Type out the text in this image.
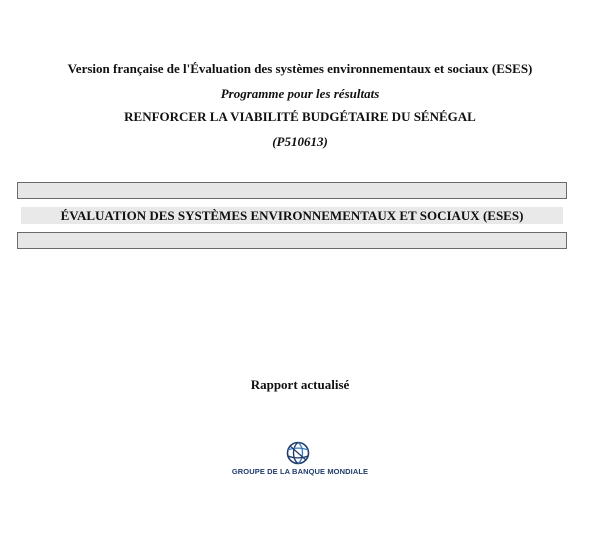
Version française de l'Évaluation des systèmes environnementaux et sociaux (ESES)
Programme pour les résultats
RENFORCER LA VIABILITÉ BUDGÉTAIRE DU SÉNÉGAL
(P510613)
ÉVALUATION DES SYSTÈMES ENVIRONNEMENTAUX ET SOCIAUX (ESES)
Rapport actualisé
GROUPE DE LA BANQUE MONDIALE
